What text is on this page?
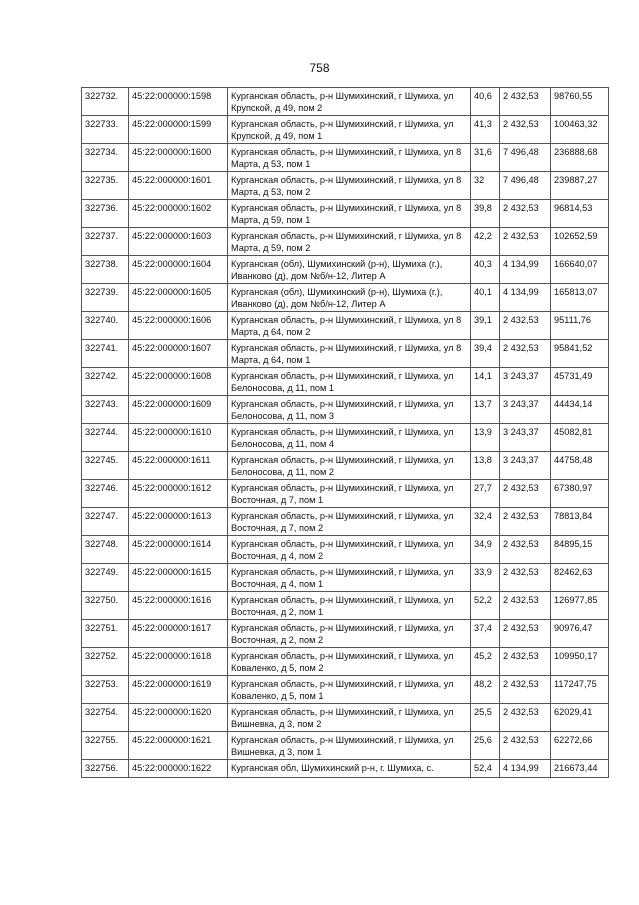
758
322732.	45:22:000000:1598	Курганская область, р-н Шумихинский, г Шумиха, ул Крупской, д 49, пом 2	40,6	2 432,53	98760,55
322733.	45:22:000000:1599	Курганская область, р-н Шумихинский, г Шумиха, ул Крупской, д 49, пом 1	41,3	2 432,53	100463,32
322734.	45:22:000000:1600	Курганская область, р-н Шумихинский, г Шумиха, ул 8 Марта, д 53, пом 1	31,6	7 496,48	236888,68
322735.	45:22:000000:1601	Курганская область, р-н Шумихинский, г Шумиха, ул 8 Марта, д 53, пом 2	32	7 496,48	239887,27
322736.	45:22:000000:1602	Курганская область, р-н Шумихинский, г Шумиха, ул 8 Марта, д 59, пом 1	39,8	2 432,53	96814,53
322737.	45:22:000000:1603	Курганская область, р-н Шумихинский, г Шумиха, ул 8 Марта, д 59, пом 2	42,2	2 432,53	102652,59
322738.	45:22:000000:1604	Курганская (обл), Шумихинский (р-н), Шумиха (г.), Иванково (д), дом №б/н-12, Литер А	40,3	4 134,99	166640,07
322739.	45:22:000000:1605	Курганская (обл), Шумихинский (р-н), Шумиха (г.), Иванково (д), дом №б/н-12, Литер А	40,1	4 134,99	165813,07
322740.	45:22:000000:1606	Курганская область, р-н Шумихинский, г Шумиха, ул 8 Марта, д 64, пом 2	39,1	2 432,53	95111,76
322741.	45:22:000000:1607	Курганская область, р-н Шумихинский, г Шумиха, ул 8 Марта, д 64, пом 1	39,4	2 432,53	95841,52
322742.	45:22:000000:1608	Курганская область, р-н Шумихинский, г Шумиха, ул Белоносова, д 11, пом 1	14,1	3 243,37	45731,49
322743.	45:22:000000:1609	Курганская область, р-н Шумихинский, г Шумиха, ул Белоносова, д 11, пом 3	13,7	3 243,37	44434,14
322744.	45:22:000000:1610	Курганская область, р-н Шумихинский, г Шумиха, ул Белоносова, д 11, пом 4	13,9	3 243,37	45082,81
322745.	45:22:000000:1611	Курганская область, р-н Шумихинский, г Шумиха, ул Белоносова, д 11, пом 2	13,8	3 243,37	44758,48
322746.	45:22:000000:1612	Курганская область, р-н Шумихинский, г Шумиха, ул Восточная, д 7, пом 1	27,7	2 432,53	67380,97
322747.	45:22:000000:1613	Курганская область, р-н Шумихинский, г Шумиха, ул Восточная, д 7, пом 2	32,4	2 432,53	78813,84
322748.	45:22:000000:1614	Курганская область, р-н Шумихинский, г Шумиха, ул Восточная, д 4, пом 2	34,9	2 432,53	84895,15
322749.	45:22:000000:1615	Курганская область, р-н Шумихинский, г Шумиха, ул Восточная, д 4, пом 1	33,9	2 432,53	82462,63
322750.	45:22:000000:1616	Курганская область, р-н Шумихинский, г Шумиха, ул Восточная, д 2, пом 1	52,2	2 432,53	126977,85
322751.	45:22:000000:1617	Курганская область, р-н Шумихинский, г Шумиха, ул Восточная, д 2, пом 2	37,4	2 432,53	90976,47
322752.	45:22:000000:1618	Курганская область, р-н Шумихинский, г Шумиха, ул Коваленко, д 5, пом 2	45,2	2 432,53	109950,17
322753.	45:22:000000:1619	Курганская область, р-н Шумихинский, г Шумиха, ул Коваленко, д 5, пом 1	48,2	2 432,53	117247,75
322754.	45:22:000000:1620	Курганская область, р-н Шумихинский, г Шумиха, ул Вишневка, д 3, пом 2	25,5	2 432,53	62029,41
322755.	45:22:000000:1621	Курганская область, р-н Шумихинский, г Шумиха, ул Вишневка, д 3, пом 1	25,6	2 432,53	62272,66
322756.	45:22:000000:1622	Курганская обл, Шумихинский р-н, г. Шумиха, с.	52,4	4 134,99	216673,44
